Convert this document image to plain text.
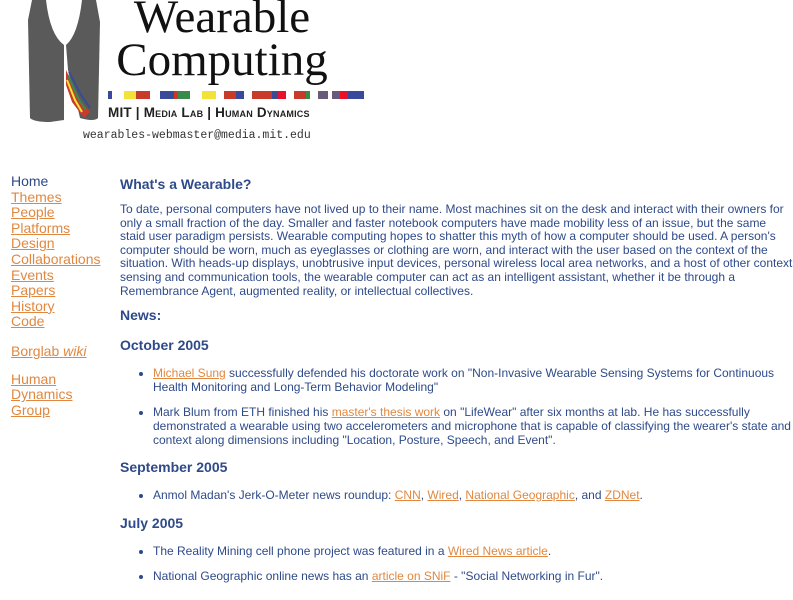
Wearable
Computing
MIT | Media Lab | Human Dynamics
wearables-webmaster@media.mit.edu
Home
Themes
People
Platforms
Design
Collaborations
Events
Papers
History
Code
Borglab wiki
Human
Dynamics
Group
What's a Wearable?

To date, personal computers have not lived up to their name. Most machines sit on the desk and interact with their owners for only a small fraction of the day. Smaller and faster notebook computers have made mobility less of an issue, but the same staid user paradigm persists. Wearable computing hopes to shatter this myth of how a computer should be used. A person's computer should be worn, much as eyeglasses or clothing are worn, and interact with the user based on the context of the situation. With heads-up displays, unobtrusive input devices, personal wireless local area networks, and a host of other context sensing and communication tools, the wearable computer can act as an intelligent assistant, whether it be through a Remembrance Agent, augmented reality, or intellectual collectives.

News:
October 2005
• Michael Sung successfully defended his doctorate work on "Non-Invasive Wearable Sensing Systems for Continuous Health Monitoring and Long-Term Behavior Modeling"
• Mark Blum from ETH finished his master's thesis work on "LifeWear" after six months at lab. He has successfully demonstrated a wearable using two accelerometers and microphone that is capable of classifying the wearer's state and context along dimensions including "Location, Posture, Speech, and Event".
September 2005
• Anmol Madan's Jerk-O-Meter news roundup: CNN, Wired, National Geographic, and ZDNet.
July 2005
• The Reality Mining cell phone project was featured in a Wired News article.
• National Geographic online news has an article on SNiF - "Social Networking in Fur".
